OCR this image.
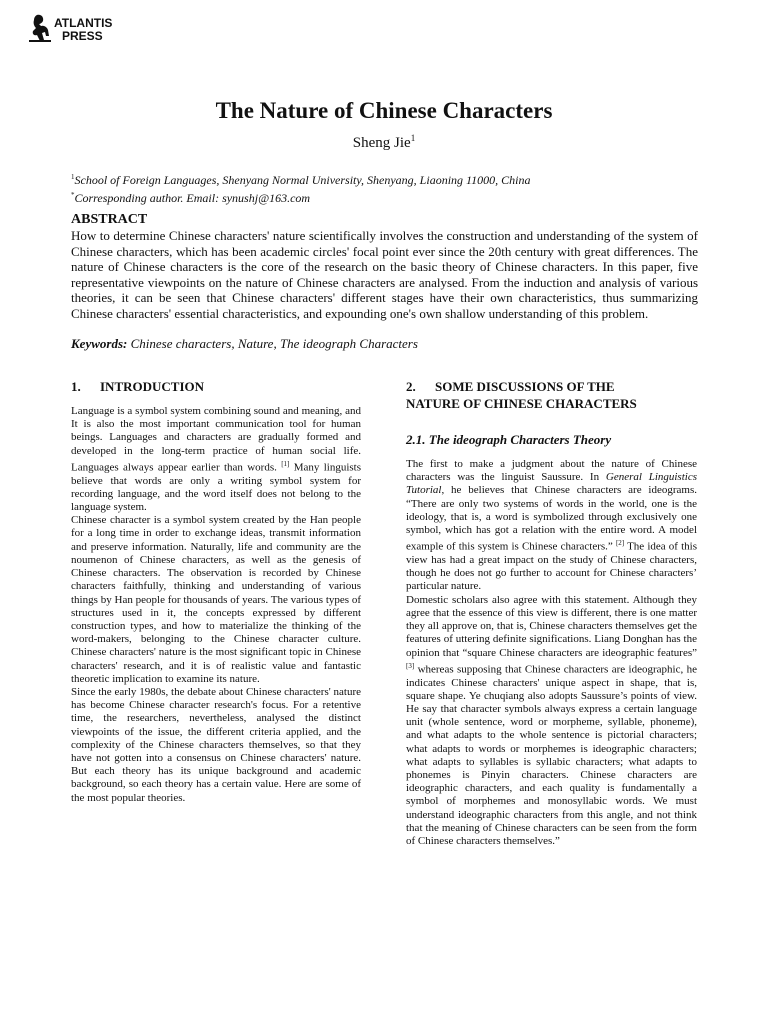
ATLANTIS
PRESS
The Nature of Chinese Characters
Sheng Jie$^1$
$^1$School of Foreign Languages, Shenyang Normal University, Shenyang, Liaoning 11000, China
*Corresponding author. Email: synushj@163.com
ABSTRACT

How to determine Chinese characters' nature scientifically involves the construction and understanding of the system of Chinese characters, which has been academic circles' focal point ever since the 20th century with great differences. The nature of Chinese characters is the core of the research on the basic theory of Chinese characters. In this paper, five representative viewpoints on the nature of Chinese characters are analysed. From the induction and analysis of various theories, it can be seen that Chinese characters' different stages have their own characteristics, thus summarizing Chinese characters' essential characteristics, and expounding one's own shallow understanding of this problem.

Keywords: Chinese characters, Nature, The ideograph Characters
1. INTRODUCTION

Language is a symbol system combining sound and meaning, and It is also the most important communication tool for human beings. Languages and characters are gradually formed and developed in the long-term practice of human social life. Languages always appear earlier than words. [1] Many linguists believe that words are only a writing symbol system for recording language, and the word itself does not belong to the language system.

Chinese character is a symbol system created by the Han people for a long time in order to exchange ideas, transmit information and preserve information. Naturally, life and community are the noumenon of Chinese characters, as well as the genesis of Chinese characters. The observation is recorded by Chinese characters faithfully, thinking and understanding of various things by Han people for thousands of years. The various types of structures used in it, the concepts expressed by different construction types, and how to materialize the thinking of the word-makers, belonging to the Chinese character culture. Chinese characters' nature is the most significant topic in Chinese characters' research, and it is of realistic value and fantastic theoretic implication to examine its nature.

Since the early 1980s, the debate about Chinese characters' nature has become Chinese character research's focus. For a retentive time, the researchers, nevertheless, analysed the distinct viewpoints of the issue, the different criteria applied, and the complexity of the Chinese characters themselves, so that they have not gotten into a consensus on Chinese characters' nature. But each theory has its unique background and academic background, so each theory has a certain value. Here are some of the most popular theories.

2. SOME DISCUSSIONS OF THE
NATURE OF CHINESE CHARACTERS
2.1. The ideograph Characters Theory

The first to make a judgment about the nature of Chinese characters was the linguist Saussure. In General Linguistics Tutorial, he believes that Chinese characters are ideograms. “There are only two systems of words in the world, one is the ideology, that is, a word is symbolized through exclusively one symbol, which has got a relation with the entire word. A model example of this system is Chinese characters.” [2] The idea of this view has had a great impact on the study of Chinese characters, though he does not go further to account for Chinese characters’ particular nature.

Domestic scholars also agree with this statement. Although they agree that the essence of this view is different, there is one matter they all approve on, that is, Chinese characters themselves get the features of uttering definite significations. Liang Donghan has the opinion that “square Chinese characters are ideographic features” [3] whereas supposing that Chinese characters are ideographic, he indicates Chinese characters' unique aspect in shape, that is, square shape. Ye chuqiang also adopts Saussure’s points of view. He say that character symbols always express a certain language unit (whole sentence, word or morpheme, syllable, phoneme), and what adapts to the whole sentence is pictorial characters; what adapts to words or morphemes is ideographic characters; what adapts to syllables is syllabic characters; what adapts to phonemes is Pinyin characters. Chinese characters are ideographic characters, and each quality is fundamentally a symbol of morphemes and monosyllabic words. We must understand ideographic characters from this angle, and not think that the meaning of Chinese characters can be seen from the form of Chinese characters themselves.”
